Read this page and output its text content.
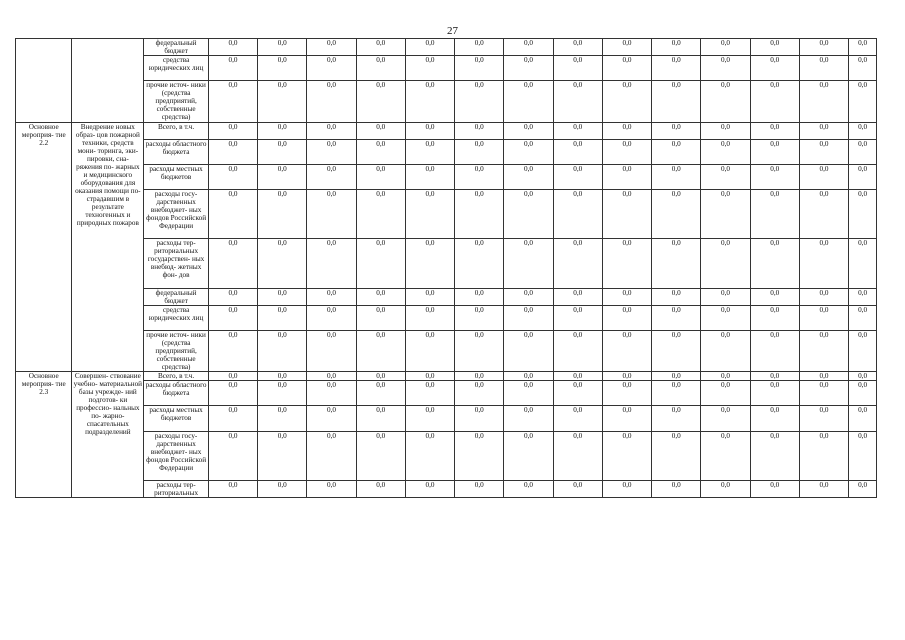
27
		федеральный бюджет	0,0	0,0	0,0	0,0	0,0	0,0	0,0	0,0	0,0	0,0	0,0	0,0	0,0	0,0
		средства юридических лиц	0,0	0,0	0,0	0,0	0,0	0,0	0,0	0,0	0,0	0,0	0,0	0,0	0,0	0,0
		прочие источ- ники (средства предприятий, собственные средства)	0,0	0,0	0,0	0,0	0,0	0,0	0,0	0,0	0,0	0,0	0,0	0,0	0,0	0,0
Основное мероприя- тие 2.2	Внедрение новых образ- цов пожарной техники, средств мони- торинга, эки- пировки, сна- ряжения по- жарных и медицинского оборудования для оказания помощи по- страдавшим в результате техногенных и природных пожаров	Всего, в т.ч.	0,0	0,0	0,0	0,0	0,0	0,0	0,0	0,0	0,0	0,0	0,0	0,0	0,0	0,0
		расходы областного бюджета	0,0	0,0	0,0	0,0	0,0	0,0	0,0	0,0	0,0	0,0	0,0	0,0	0,0	0,0
		расходы местных бюджетов	0,0	0,0	0,0	0,0	0,0	0,0	0,0	0,0	0,0	0,0	0,0	0,0	0,0	0,0
		расходы госу- дарственных внебюджет- ных фондов Российской Федерации	0,0	0,0	0,0	0,0	0,0	0,0	0,0	0,0	0,0	0,0	0,0	0,0	0,0	0,0
		расходы тер- риториальных государствен- ных внебюд- жетных фон- дов	0,0	0,0	0,0	0,0	0,0	0,0	0,0	0,0	0,0	0,0	0,0	0,0	0,0	0,0
		федеральный бюджет	0,0	0,0	0,0	0,0	0,0	0,0	0,0	0,0	0,0	0,0	0,0	0,0	0,0	0,0
		средства юридических лиц	0,0	0,0	0,0	0,0	0,0	0,0	0,0	0,0	0,0	0,0	0,0	0,0	0,0	0,0
		прочие источ- ники (средства предприятий, собственные средства)	0,0	0,0	0,0	0,0	0,0	0,0	0,0	0,0	0,0	0,0	0,0	0,0	0,0	0,0
Основное мероприя- тие 2.3	Совершен- ствование учебно- материальной базы учрежде- ний подготов- ки профессио- нальных по- жарно- спасательных подразделений	Всего, в т.ч.	0,0	0,0	0,0	0,0	0,0	0,0	0,0	0,0	0,0	0,0	0,0	0,0	0,0	0,0
		расходы областного бюджета	0,0	0,0	0,0	0,0	0,0	0,0	0,0	0,0	0,0	0,0	0,0	0,0	0,0	0,0
		расходы местных бюджетов	0,0	0,0	0,0	0,0	0,0	0,0	0,0	0,0	0,0	0,0	0,0	0,0	0,0	0,0
		расходы госу- дарственных внебюджет- ных фондов Российской Федерации	0,0	0,0	0,0	0,0	0,0	0,0	0,0	0,0	0,0	0,0	0,0	0,0	0,0	0,0
		расходы тер- риториальных	0,0	0,0	0,0	0,0	0,0	0,0	0,0	0,0	0,0	0,0	0,0	0,0	0,0	0,0
